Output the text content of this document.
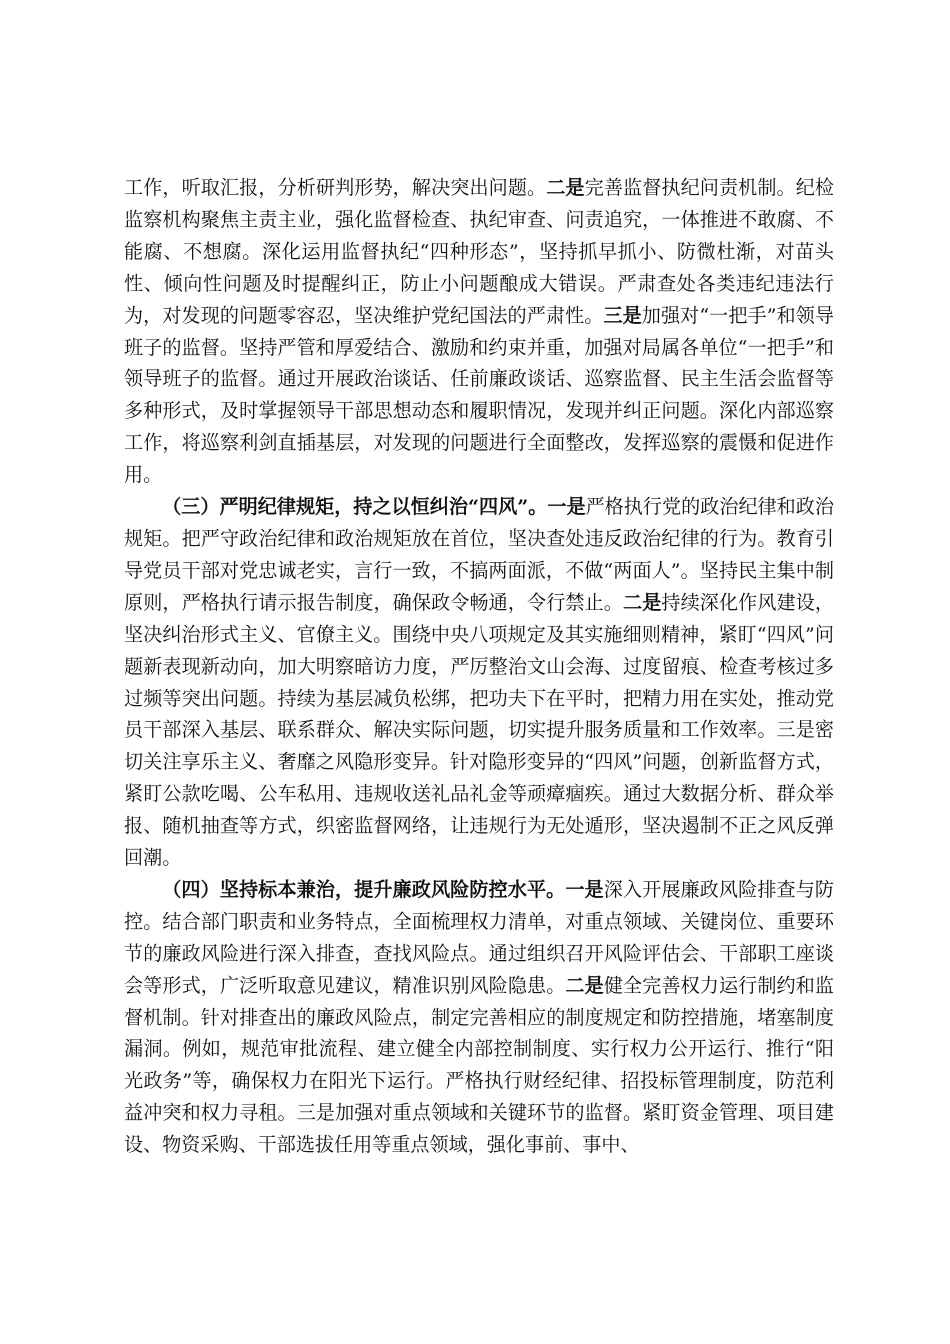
工作，听取汇报，分析研判形势，解决突出问题。二是完善监督执纪问责机制。纪检监察机构聚焦主责主业，强化监督检查、执纪审查、问责追究，一体推进不敢腐、不能腐、不想腐。深化运用监督执纪“四种形态”，坚持抓早抓小、防微杜渐，对苗头性、倾向性问题及时提醒纠正，防止小问题酿成大错误。严肃查处各类违纪违法行为，对发现的问题零容忍，坚决维护党纪国法的严肃性。三是加强对“一把手”和领导班子的监督。坚持严管和厚爱结合、激励和约束并重，加强对局属各单位“一把手”和领导班子的监督。通过开展政治谈话、任前廉政谈话、巡察监督、民主生活会监督等多种形式，及时掌握领导干部思想动态和履职情况，发现并纠正问题。深化内部巡察工作，将巡察利剑直插基层，对发现的问题进行全面整改，发挥巡察的震慑和促进作用。

（三）严明纪律规矩，持之以恒纠治“四风”。一是严格执行党的政治纪律和政治规矩。把严守政治纪律和政治规矩放在首位，坚决查处违反政治纪律的行为。教育引导党员干部对党忠诚老实，言行一致，不搞两面派，不做“两面人”。坚持民主集中制原则，严格执行请示报告制度，确保政令畅通，令行禁止。二是持续深化作风建设，坚决纠治形式主义、官僚主义。围绕中央八项规定及其实施细则精神，紧盯“四风”问题新表现新动向，加大明察暗访力度，严厉整治文山会海、过度留痕、检查考核过多过频等突出问题。持续为基层减负松绑，把功夫下在平时，把精力用在实处，推动党员干部深入基层、联系群众、解决实际问题，切实提升服务质量和工作效率。三是密切关注享乐主义、奢靡之风隐形变异。针对隐形变异的“四风”问题，创新监督方式，紧盯公款吃喝、公车私用、违规收送礼品礼金等顽瘴痼疾。通过大数据分析、群众举报、随机抽查等方式，织密监督网络，让违规行为无处遁形，坚决遏制不正之风反弹回潮。

（四）坚持标本兼治，提升廉政风险防控水平。一是深入开展廉政风险排查与防控。结合部门职责和业务特点，全面梳理权力清单，对重点领域、关键岗位、重要环节的廉政风险进行深入排查，查找风险点。通过组织召开风险评估会、干部职工座谈会等形式，广泛听取意见建议，精准识别风险隐患。二是健全完善权力运行制约和监督机制。针对排查出的廉政风险点，制定完善相应的制度规定和防控措施，堵塞制度漏洞。例如，规范审批流程、建立健全内部控制制度、实行权力公开运行、推行“阳光政务”等，确保权力在阳光下运行。严格执行财经纪律、招投标管理制度，防范利益冲突和权力寻租。三是加强对重点领域和关键环节的监督。紧盯资金管理、项目建设、物资采购、干部选拔任用等重点领域，强化事前、事中、
